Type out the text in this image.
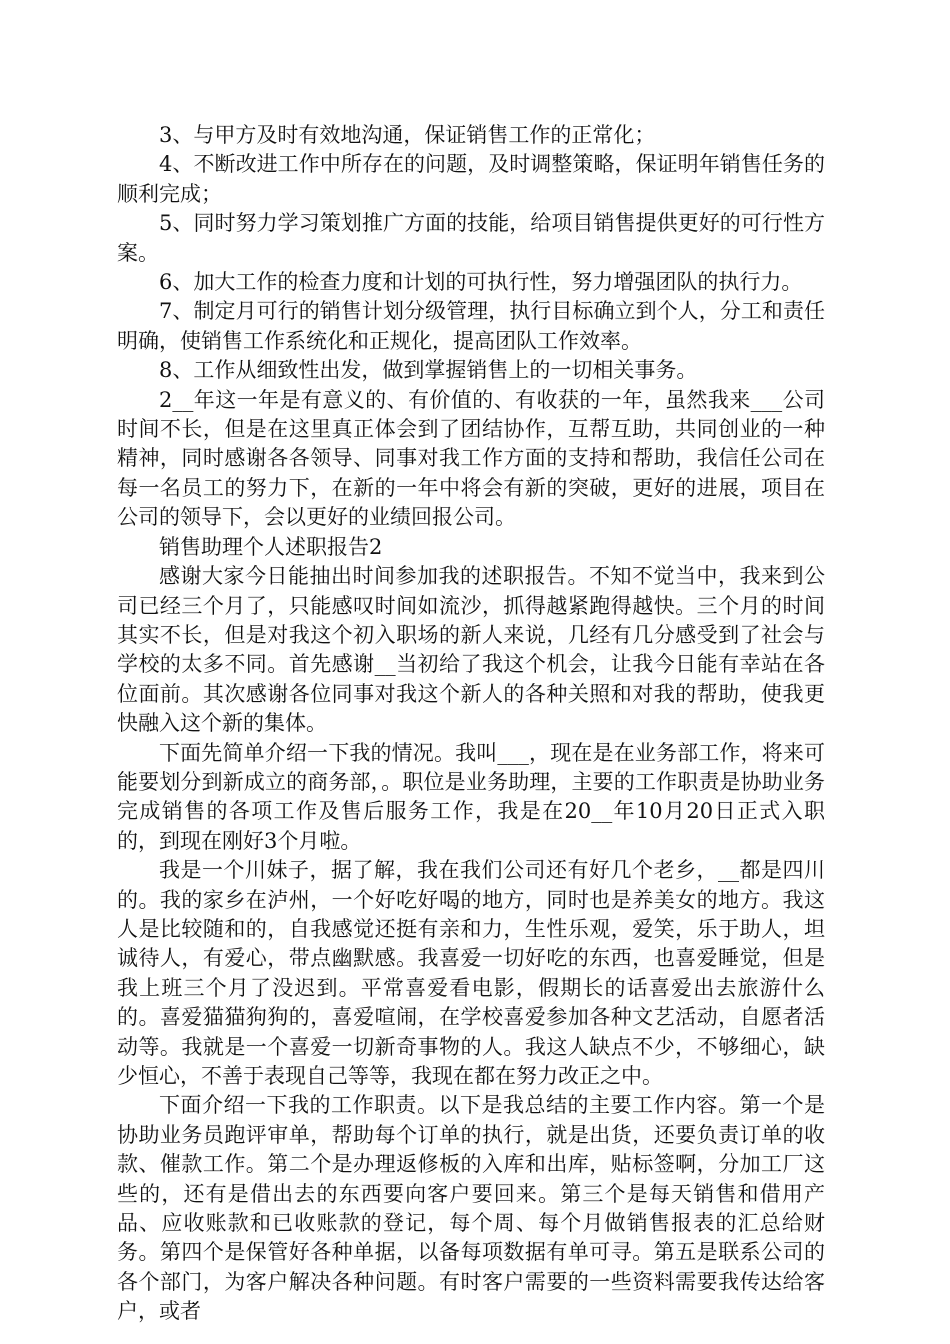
3、与甲方及时有效地沟通，保证销售工作的正常化；

4、不断改进工作中所存在的问题，及时调整策略，保证明年销售任务的顺利完成；

5、同时努力学习策划推广方面的技能，给项目销售提供更好的可行性方案。

6、加大工作的检查力度和计划的可执行性，努力增强团队的执行力。

7、制定月可行的销售计划分级管理，执行目标确立到个人，分工和责任明确，使销售工作系统化和正规化，提高团队工作效率。

8、工作从细致性出发，做到掌握销售上的一切相关事务。

2__年这一年是有意义的、有价值的、有收获的一年，虽然我来___公司时间不长，但是在这里真正体会到了团结协作，互帮互助，共同创业的一种精神，同时感谢各各领导、同事对我工作方面的支持和帮助，我信任公司在每一名员工的努力下，在新的一年中将会有新的突破，更好的进展，项目在公司的领导下，会以更好的业绩回报公司。

销售助理个人述职报告2

感谢大家今日能抽出时间参加我的述职报告。不知不觉当中，我来到公司已经三个月了，只能感叹时间如流沙，抓得越紧跑得越快。三个月的时间其实不长，但是对我这个初入职场的新人来说，几经有几分感受到了社会与学校的太多不同。首先感谢__当初给了我这个机会，让我今日能有幸站在各位面前。其次感谢各位同事对我这个新人的各种关照和对我的帮助，使我更快融入这个新的集体。

下面先简单介绍一下我的情况。我叫___，现在是在业务部工作，将来可能要划分到新成立的商务部，。职位是业务助理，主要的工作职责是协助业务完成销售的各项工作及售后服务工作，我是在20__年10月20日正式入职的，到现在刚好3个月啦。

我是一个川妹子，据了解，我在我们公司还有好几个老乡，__都是四川的。我的家乡在泸州，一个好吃好喝的地方，同时也是养美女的地方。我这人是比较随和的，自我感觉还挺有亲和力，生性乐观，爱笑，乐于助人，坦诚待人，有爱心，带点幽默感。我喜爱一切好吃的东西，也喜爱睡觉，但是我上班三个月了没迟到。平常喜爱看电影，假期长的话喜爱出去旅游什么的。喜爱猫猫狗狗的，喜爱喧闹，在学校喜爱参加各种文艺活动，自愿者活动等。我就是一个喜爱一切新奇事物的人。我这人缺点不少，不够细心，缺少恒心，不善于表现自己等等，我现在都在努力改正之中。

下面介绍一下我的工作职责。以下是我总结的主要工作内容。第一个是协助业务员跑评审单，帮助每个订单的执行，就是出货，还要负责订单的收款、催款工作。第二个是办理返修板的入库和出库，贴标签啊，分加工厂这些的，还有是借出去的东西要向客户要回来。第三个是每天销售和借用产品、应收账款和已收账款的登记，每个周、每个月做销售报表的汇总给财务。第四个是保管好各种单据，以备每项数据有单可寻。第五是联系公司的各个部门，为客户解决各种问题。有时客户需要的一些资料需要我传达给客户，或者
